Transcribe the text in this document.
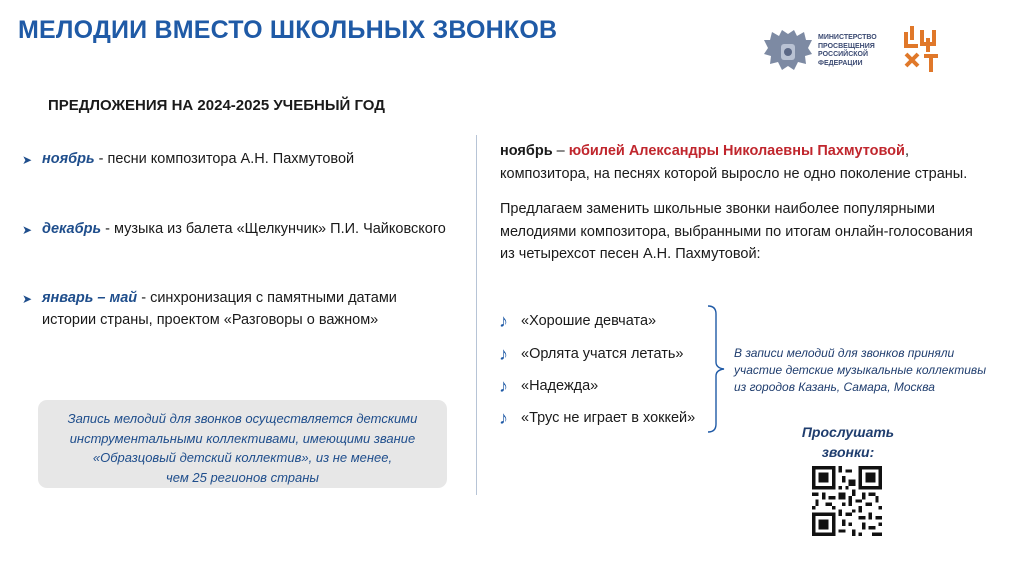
МЕЛОДИИ ВМЕСТО ШКОЛЬНЫХ ЗВОНКОВ	МИНИСТЕРСТВО
ПРОСВЕЩЕНИЯ
РОССИЙСКОЙ
ФЕДЕРАЦИИ
ПРЕДЛОЖЕНИЯ НА 2024-2025 УЧЕБНЫЙ ГОД
➤ ноябрь - песни композитора А.Н. Пахмутовой
➤ декабрь - музыка из балета «Щелкунчик» П.И. Чайковского
➤ январь – май - синхронизация с памятными датами
истории страны, проектом «Разговоры о важном»
Запись мелодий для звонков осуществляется детскими
инструментальными коллективами, имеющими звание
«Образцовый детский коллектив», из не менее,
чем 25 регионов страны
ноябрь – юбилей Александры Николаевны Пахмутовой,
композитора, на песнях которой выросло не одно поколение страны.
Предлагаем заменить школьные звонки наиболее популярными
мелодиями композитора, выбранными по итогам онлайн-голосования
из четырехсот песен А.Н. Пахмутовой:
♪ «Хорошие девчата»
♪ «Орлята учатся летать»
♪ «Надежда»
♪ «Трус не играет в хоккей»
В записи мелодий для звонков приняли
участие детские музыкальные коллективы
из городов Казань, Самара, Москва
Прослушать
звонки:
